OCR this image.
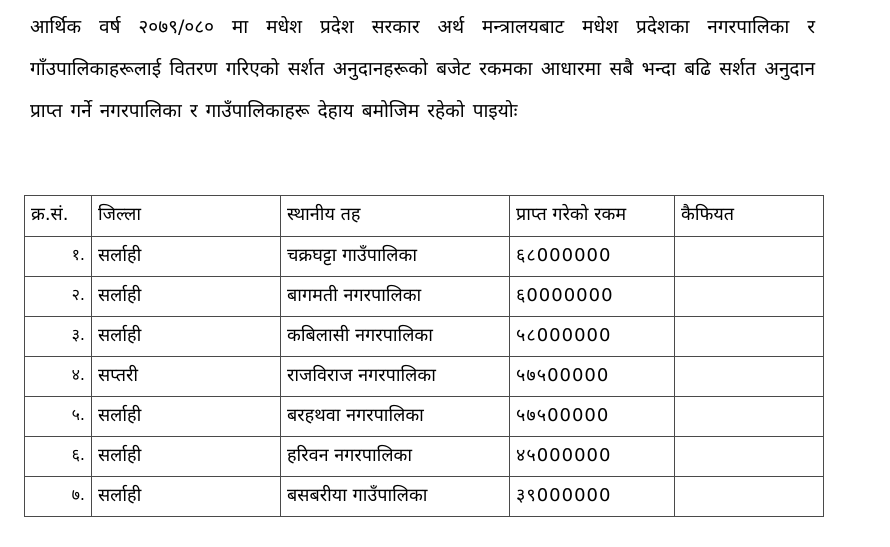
आर्थिक वर्ष २०७९/०८० मा मधेश प्रदेश सरकार अर्थ मन्त्रालयबाट मधेश प्रदेशका नगरपालिका र गाँउपालिकाहरूलाई वितरण गरिएको सर्शत अनुदानहरूको बजेट रकमका आधारमा सबै भन्दा बढि सर्शत अनुदान प्राप्त गर्ने नगरपालिका र गाउँपालिकाहरू देहाय बमोजिम रहेको पाइयोः

क्र.सं.	जिल्ला	स्थानीय तह	प्राप्त गरेको रकम	कैफियत
१.	सर्लाही	चक्रघट्टा गाउँपालिका	६८000000	
२.	सर्लाही	बागमती नगरपालिका	६0000000	
३.	सर्लाही	कबिलासी नगरपालिका	५८000000	
४.	सप्तरी	राजविराज नगरपालिका	५७५00000	
५.	सर्लाही	बरहथवा नगरपालिका	५७५00000	
६.	सर्लाही	हरिवन नगरपालिका	४५000000	
७.	सर्लाही	बसबरीया गाउँपालिका	३९000000	
